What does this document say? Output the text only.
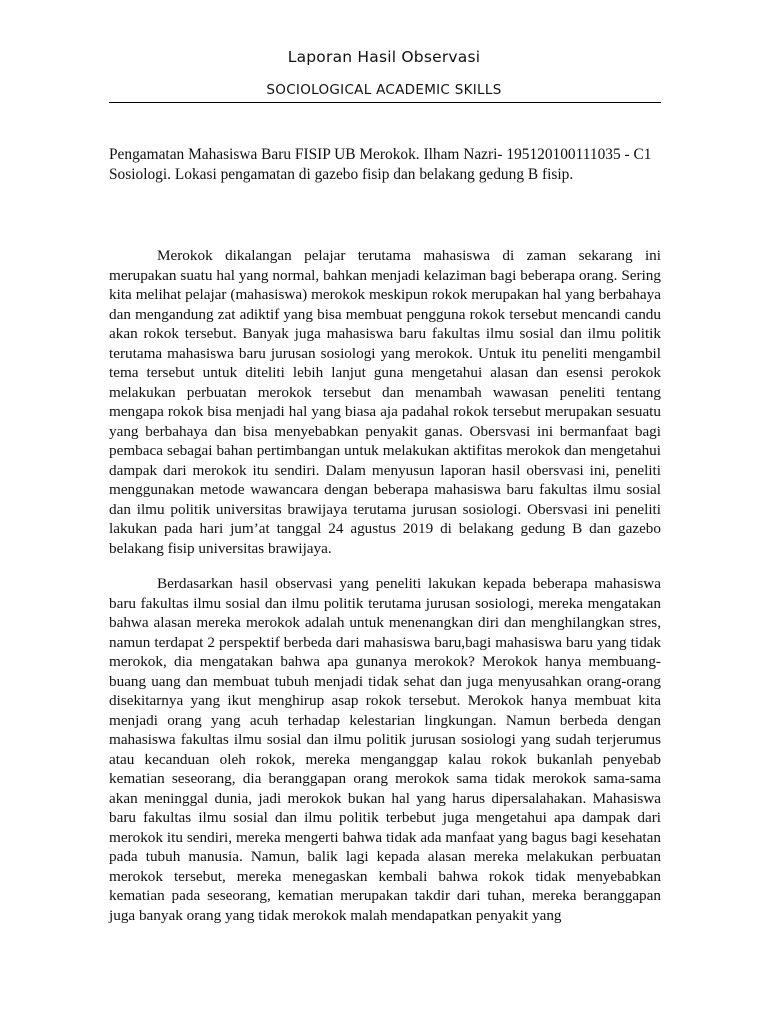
Laporan Hasil Observasi
SOCIOLOGICAL ACADEMIC SKILLS

Pengamatan Mahasiswa Baru FISIP UB Merokok. Ilham Nazri- 195120100111035 - C1 Sosiologi. Lokasi pengamatan di gazebo fisip dan belakang gedung B fisip.

Merokok dikalangan pelajar terutama mahasiswa di zaman sekarang ini merupakan suatu hal yang normal, bahkan menjadi kelaziman bagi beberapa orang. Sering kita melihat pelajar (mahasiswa) merokok meskipun rokok merupakan hal yang berbahaya dan mengandung zat adiktif yang bisa membuat pengguna rokok tersebut mencandi candu akan rokok tersebut. Banyak juga mahasiswa baru fakultas ilmu sosial dan ilmu politik terutama mahasiswa baru jurusan sosiologi yang merokok. Untuk itu peneliti mengambil tema tersebut untuk diteliti lebih lanjut guna mengetahui alasan dan esensi perokok melakukan perbuatan merokok tersebut dan menambah wawasan peneliti tentang mengapa rokok bisa menjadi hal yang biasa aja padahal rokok tersebut merupakan sesuatu yang berbahaya dan bisa menyebabkan penyakit ganas. Obersvasi ini bermanfaat bagi pembaca sebagai bahan pertimbangan untuk melakukan aktifitas merokok dan mengetahui dampak dari merokok itu sendiri. Dalam menyusun laporan hasil obersvasi ini, peneliti menggunakan metode wawancara dengan beberapa mahasiswa baru fakultas ilmu sosial dan ilmu politik universitas brawijaya terutama jurusan sosiologi. Obersvasi ini peneliti lakukan pada hari jum’at tanggal 24 agustus 2019 di belakang gedung B dan gazebo belakang fisip universitas brawijaya.

Berdasarkan hasil observasi yang peneliti lakukan kepada beberapa mahasiswa baru fakultas ilmu sosial dan ilmu politik terutama jurusan sosiologi, mereka mengatakan bahwa alasan mereka merokok adalah untuk menenangkan diri dan menghilangkan stres, namun terdapat 2 perspektif berbeda dari mahasiswa baru,bagi mahasiswa baru yang tidak merokok, dia mengatakan bahwa apa gunanya merokok? Merokok hanya membuang-buang uang dan membuat tubuh menjadi tidak sehat dan juga menyusahkan orang-orang disekitarnya yang ikut menghirup asap rokok tersebut. Merokok hanya membuat kita menjadi orang yang acuh terhadap kelestarian lingkungan. Namun berbeda dengan mahasiswa fakultas ilmu sosial dan ilmu politik jurusan sosiologi yang sudah terjerumus atau kecanduan oleh rokok, mereka menganggap kalau rokok bukanlah penyebab kematian seseorang, dia beranggapan orang merokok sama tidak merokok sama-sama akan meninggal dunia, jadi merokok bukan hal yang harus dipersalahakan. Mahasiswa baru fakultas ilmu sosial dan ilmu politik terbebut juga mengetahui apa dampak dari merokok itu sendiri, mereka mengerti bahwa tidak ada manfaat yang bagus bagi kesehatan pada tubuh manusia. Namun, balik lagi kepada alasan mereka melakukan perbuatan merokok tersebut, mereka menegaskan kembali bahwa rokok tidak menyebabkan kematian pada seseorang, kematian merupakan takdir dari tuhan, mereka beranggapan juga banyak orang yang tidak merokok malah mendapatkan penyakit yang
